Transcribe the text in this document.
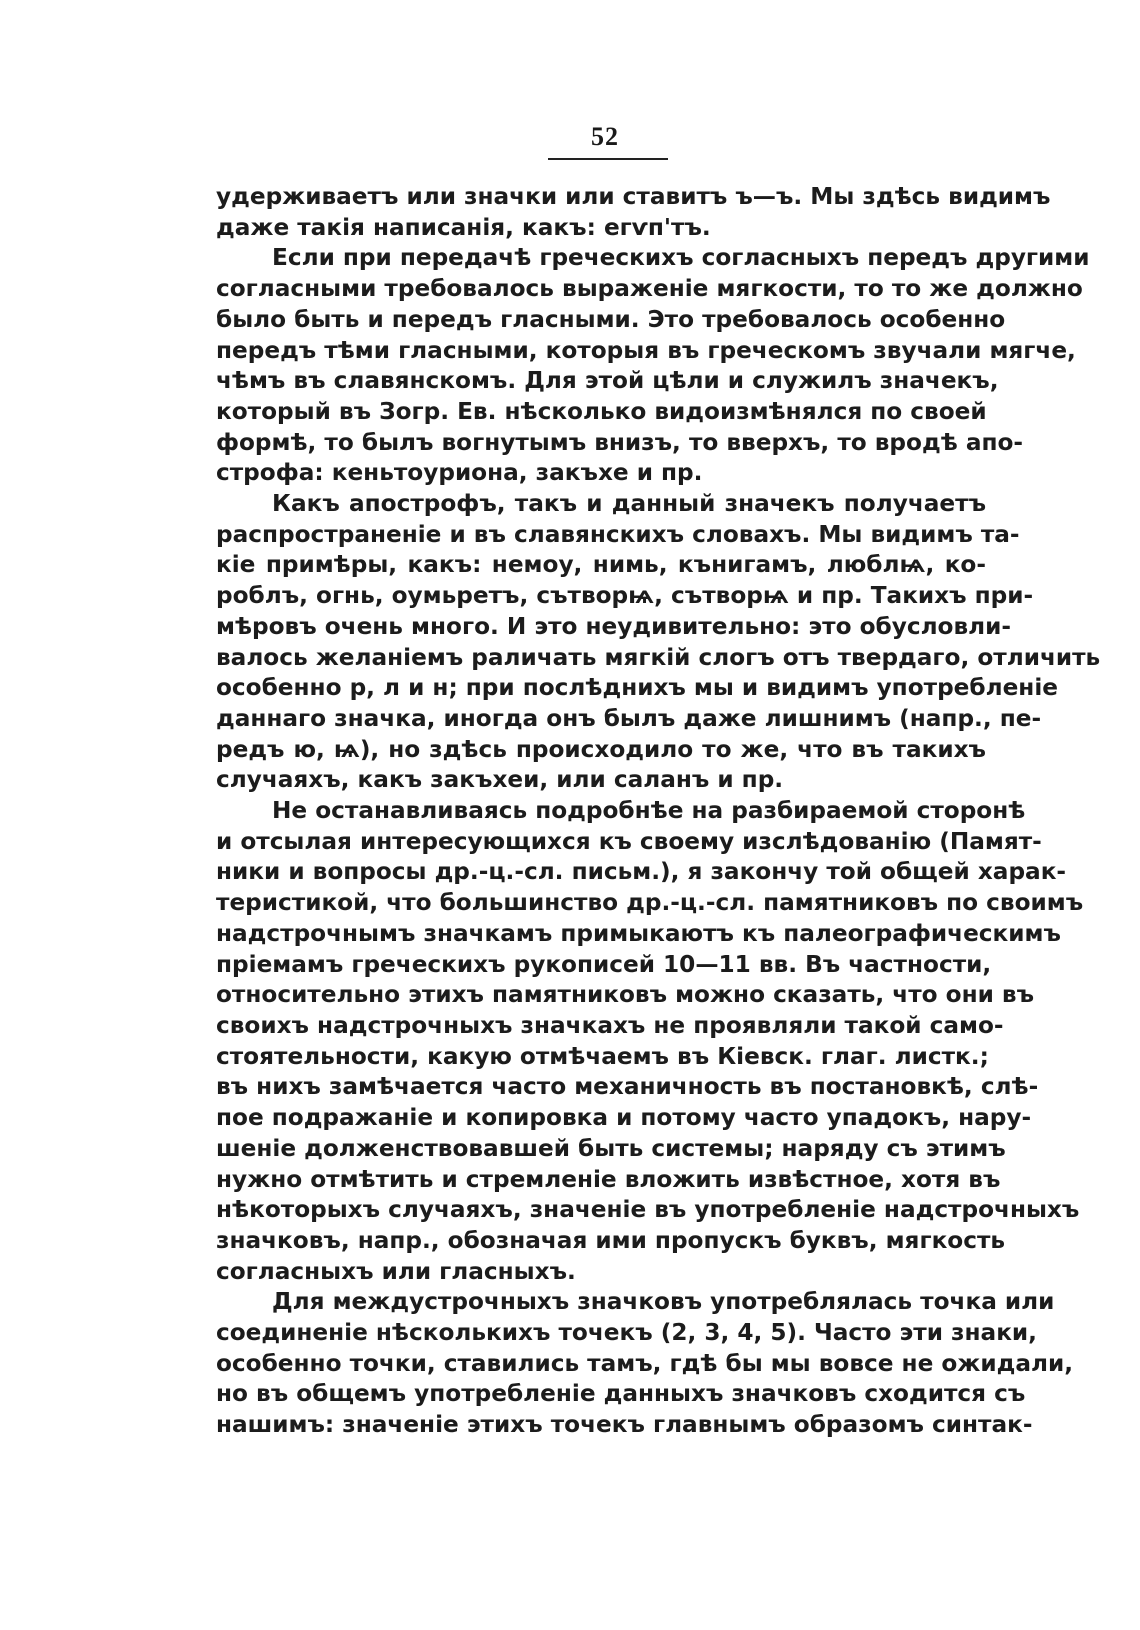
52
удерживаетъ или значки или ставитъ ъ—ъ. Мы здѣсь видимъ
даже такія написанія, какъ: егѵп'тъ.
Если при передачѣ греческихъ согласныхъ передъ другими
согласными требовалось выраженіе мягкости, то то же должно
было быть и передъ гласными. Это требовалось особенно
передъ тѣми гласными, которыя въ греческомъ звучали мягче,
чѣмъ въ славянскомъ. Для этой цѣли и служилъ значекъ,
который въ Зогр. Ев. нѣсколько видоизмѣнялся по своей
формѣ, то былъ вогнутымъ внизъ, то вверхъ, то вродѣ апо-
строфа: кеньтоуриона, закъхе и пр.
Какъ апострофъ, такъ и данный значекъ получаетъ
распространеніе и въ славянскихъ словахъ. Мы видимъ та-
кіе примѣры, какъ: немоу, нимь, кънигамъ, люблѩ, ко-
роблъ, огнь, оумьретъ, сътворѩ, сътворѩ и пр. Такихъ при-
мѣровъ очень много. И это неудивительно: это обусловли-
валось желаніемъ раличать мягкій слогъ отъ твердаго, отличить
особенно р, л и н; при послѣднихъ мы и видимъ употребленіе
даннаго значка, иногда онъ былъ даже лишнимъ (напр., пе-
редъ ю, ѩ), но здѣсь происходило то же, что въ такихъ
случаяхъ, какъ закъхеи, или саланъ и пр.
Не останавливаясь подробнѣе на разбираемой сторонѣ
и отсылая интересующихся къ своему изслѣдованію (Памят-
ники и вопросы др.-ц.-сл. письм.), я закончу той общей харак-
теристикой, что большинство др.-ц.-сл. памятниковъ по своимъ
надстрочнымъ значкамъ примыкаютъ къ палеографическимъ
пріемамъ греческихъ рукописей 10—11 вв. Въ частности,
относительно этихъ памятниковъ можно сказать, что они въ
своихъ надстрочныхъ значкахъ не проявляли такой само-
стоятельности, какую отмѣчаемъ въ Кіевск. глаг. листк.;
въ нихъ замѣчается часто механичность въ постановкѣ, слѣ-
пое подражаніе и копировка и потому часто упадокъ, нару-
шеніе долженствовавшей быть системы; наряду съ этимъ
нужно отмѣтить и стремленіе вложить извѣстное, хотя въ
нѣкоторыхъ случаяхъ, значеніе въ употребленіе надстрочныхъ
значковъ, напр., обозначая ими пропускъ буквъ, мягкость
согласныхъ или гласныхъ.
Для междустрочныхъ значковъ употреблялась точка или
соединеніе нѣсколькихъ точекъ (2, 3, 4, 5). Часто эти знаки,
особенно точки, ставились тамъ, гдѣ бы мы вовсе не ожидали,
но въ общемъ употребленіе данныхъ значковъ сходится съ
нашимъ: значеніе этихъ точекъ главнымъ образомъ синтак-
